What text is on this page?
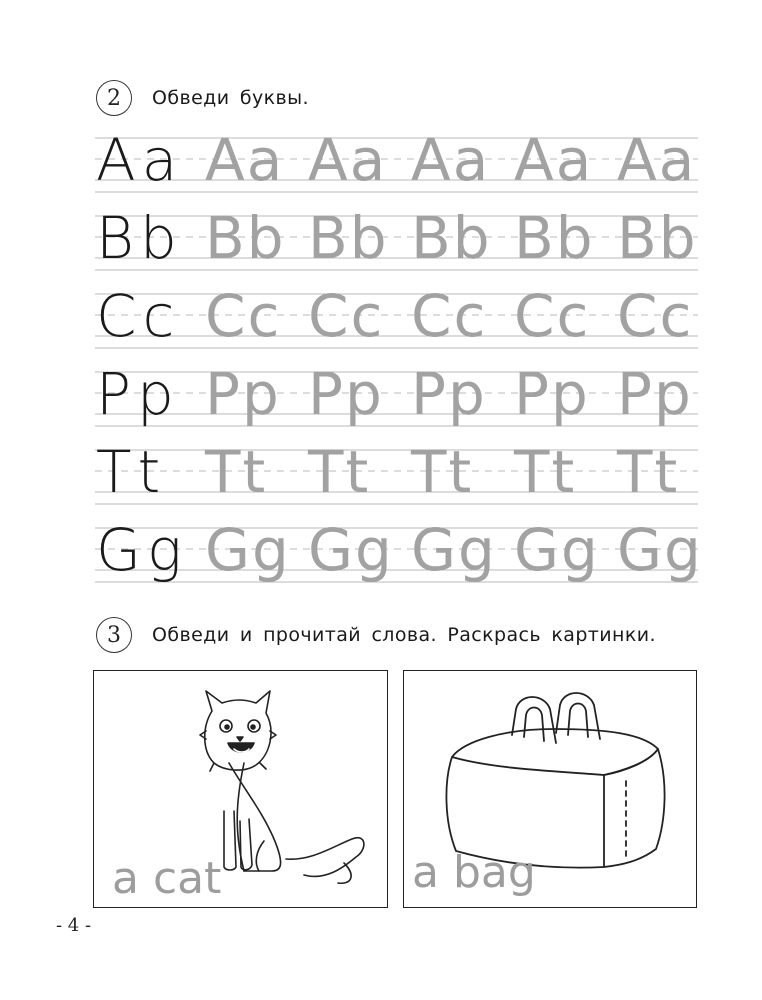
2	Обведи буквы.
A a Aa Aa Aa Aa Aa
B b Bb Bb Bb Bb Bb
C c Cc Cc Cc Cc Cc
P p Pp Pp Pp Pp Pp
T t Tt Tt Tt Tt Tt
G g Gg Gg Gg Gg Gg
3	Обведи и прочитай слова. Раскрась картинки.
a cat	a bag
- 4 -
